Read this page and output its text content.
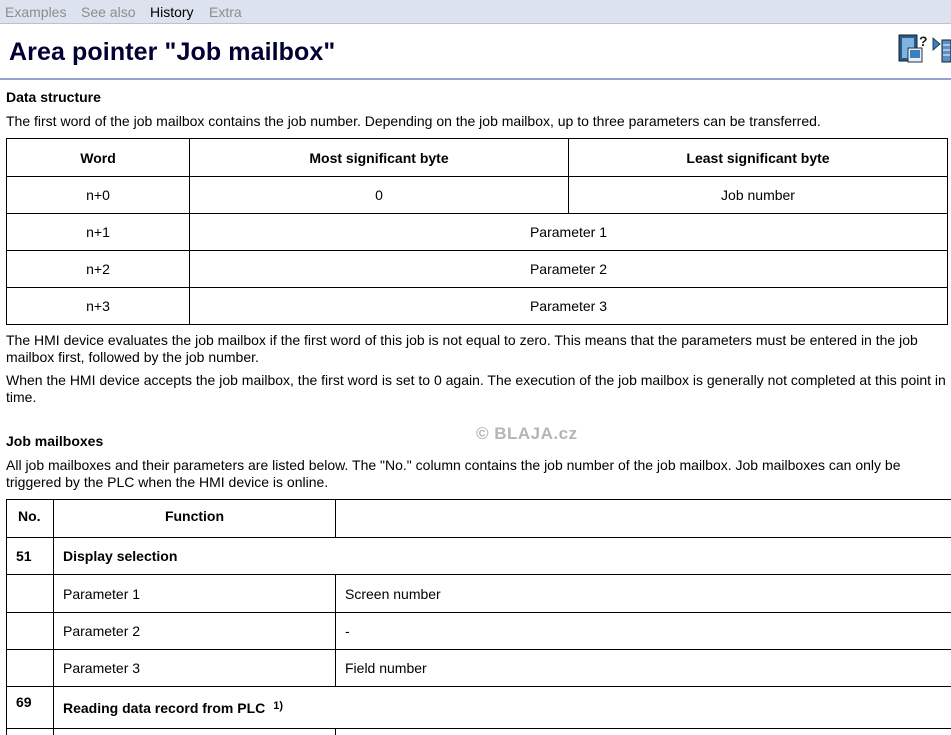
Examples See also History Extra
Area pointer "Job mailbox"	?
Data structure
The first word of the job mailbox contains the job number. Depending on the job mailbox, up to three parameters can be transferred.
Word	Most significant byte	Least significant byte
n+0	0	Job number
n+1	Parameter 1	
n+2	Parameter 2	
n+3	Parameter 3	
The HMI device evaluates the job mailbox if the first word of this job is not equal to zero. This means that the parameters must be entered in the job mailbox first, followed by the job number.
When the HMI device accepts the job mailbox, the first word is set to 0 again. The execution of the job mailbox is generally not completed at this point in time.
© BLAJA.cz
Job mailboxes
All job mailboxes and their parameters are listed below. The "No." column contains the job number of the job mailbox. Job mailboxes can only be triggered by the PLC when the HMI device is online.
No.	Function	
51	Display selection	
	Parameter 1	Screen number
	Parameter 2	-
	Parameter 3	Field number
69	Reading data record from PLC $^{1)}$
